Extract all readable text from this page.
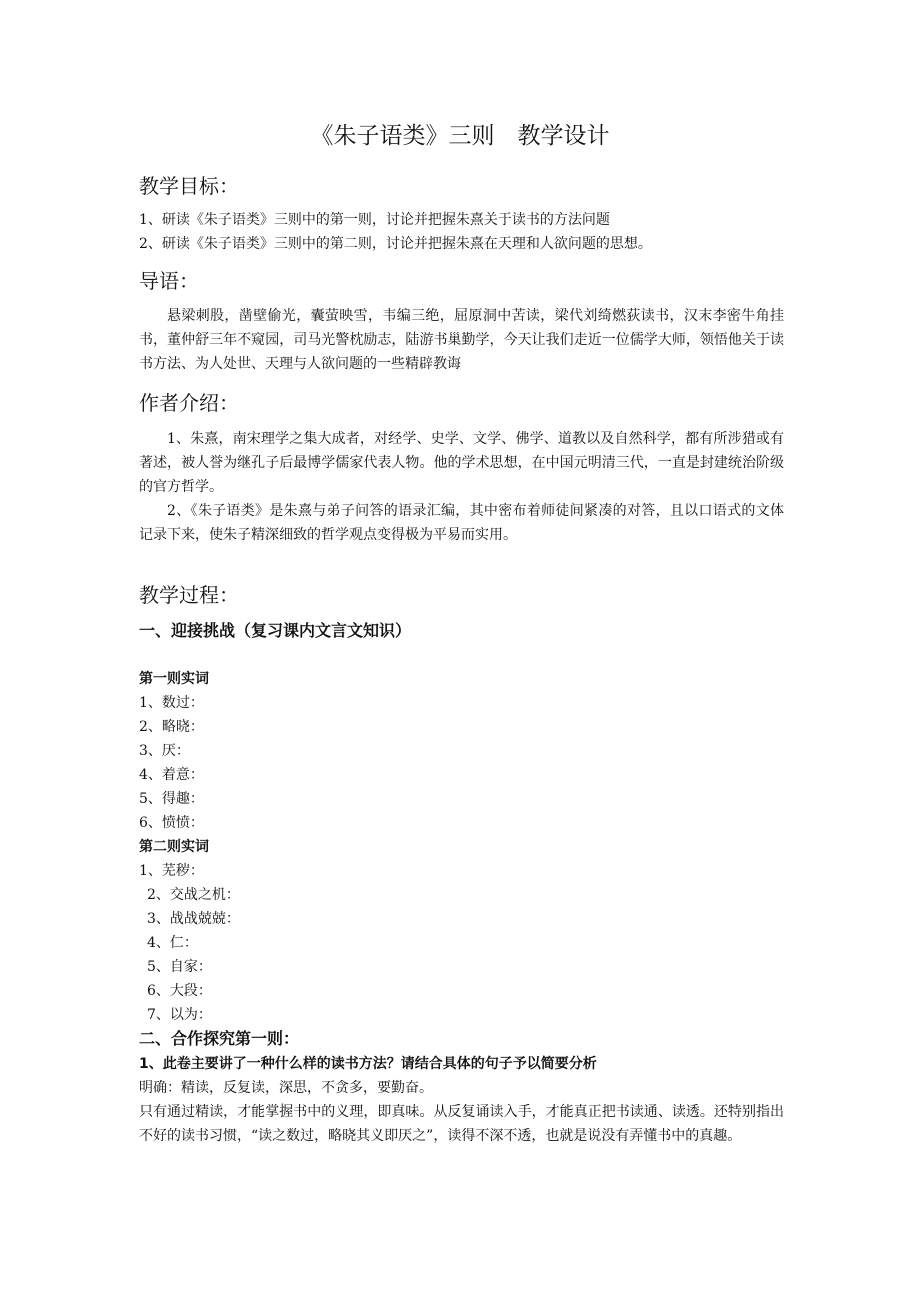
《朱子语类》三则　教学设计
教学目标：
1、研读《朱子语类》三则中的第一则，讨论并把握朱熹关于读书的方法问题
2、研读《朱子语类》三则中的第二则，讨论并把握朱熹在天理和人欲问题的思想。
导语：
悬梁刺股，凿壁偷光，囊萤映雪，韦编三绝，屈原洞中苦读，梁代刘绮燃荻读书，汉末李密牛角挂书，董仲舒三年不窥园，司马光警枕励志，陆游书巢勤学，今天让我们走近一位儒学大师，领悟他关于读书方法、为人处世、天理与人欲问题的一些精辟教诲
作者介绍：
1、朱熹，南宋理学之集大成者，对经学、史学、文学、佛学、道教以及自然科学，都有所涉猎或有著述，被人誉为继孔子后最博学儒家代表人物。他的学术思想，在中国元明清三代，一直是封建统治阶级的官方哲学。
2、《朱子语类》是朱熹与弟子问答的语录汇编，其中密布着师徒间紧凑的对答，且以口语式的文体记录下来，使朱子精深细致的哲学观点变得极为平易而实用。
教学过程：
一、迎接挑战（复习课内文言文知识）
第一则实词
1、数过：
2、略晓：
3、厌：
4、着意：
5、得趣：
6、愤愤：
第二则实词
1、芜秽：
2、交战之机：
3、战战兢兢：
4、仁：
5、自家：
6、大段：
7、以为：
二、合作探究第一则：
1、此卷主要讲了一种什么样的读书方法？请结合具体的句子予以简要分析
明确：精读，反复读，深思，不贪多，要勤奋。
只有通过精读，才能掌握书中的义理，即真味。从反复诵读入手，才能真正把书读通、读透。还特别指出不好的读书习惯，“读之数过，略晓其义即厌之”，读得不深不透，也就是说没有弄懂书中的真趣。
